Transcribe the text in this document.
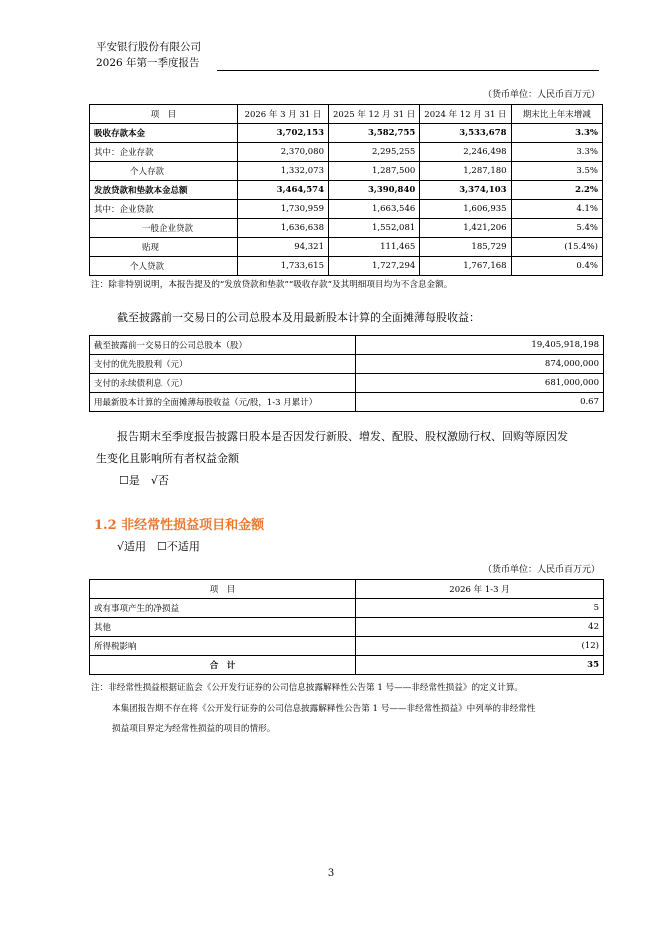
平安银行股份有限公司
2026 年第一季度报告
（货币单位：人民币百万元）
项　目	2026 年 3 月 31 日	2025 年 12 月 31 日	2024 年 12 月 31 日	期末比上年末增减
吸收存款本金	3,702,153	3,582,755	3,533,678	3.3%
其中：企业存款	2,370,080	2,295,255	2,246,498	3.3%
个人存款	1,332,073	1,287,500	1,287,180	3.5%
发放贷款和垫款本金总额	3,464,574	3,390,840	3,374,103	2.2%
其中：企业贷款	1,730,959	1,663,546	1,606,935	4.1%
一般企业贷款	1,636,638	1,552,081	1,421,206	5.4%
贴现	94,321	111,465	185,729	(15.4%)
个人贷款	1,733,615	1,727,294	1,767,168	0.4%
注：除非特别说明，本报告提及的“发放贷款和垫款”“吸收存款”及其明细项目均为不含息金额。
截至披露前一交易日的公司总股本及用最新股本计算的全面摊薄每股收益：
截至披露前一交易日的公司总股本（股）	19,405,918,198
支付的优先股股利（元）	874,000,000
支付的永续债利息（元）	681,000,000
用最新股本计算的全面摊薄每股收益（元/股，1-3 月累计）	0.67
报告期末至季度报告披露日股本是否因发行新股、增发、配股、股权激励行权、回购等原因发
生变化且影响所有者权益金额
☐是　√否
1.2 非经常性损益项目和金额
√适用　☐不适用
（货币单位：人民币百万元）
项　目	2026 年 1-3 月
或有事项产生的净损益	5
其他	42
所得税影响	(12)
合　计	35
注：非经常性损益根据证监会《公开发行证券的公司信息披露解释性公告第 1 号——非经常性损益》的定义计算。
本集团报告期不存在将《公开发行证券的公司信息披露解释性公告第 1 号——非经常性损益》中列举的非经常性
损益项目界定为经常性损益的项目的情形。
3
